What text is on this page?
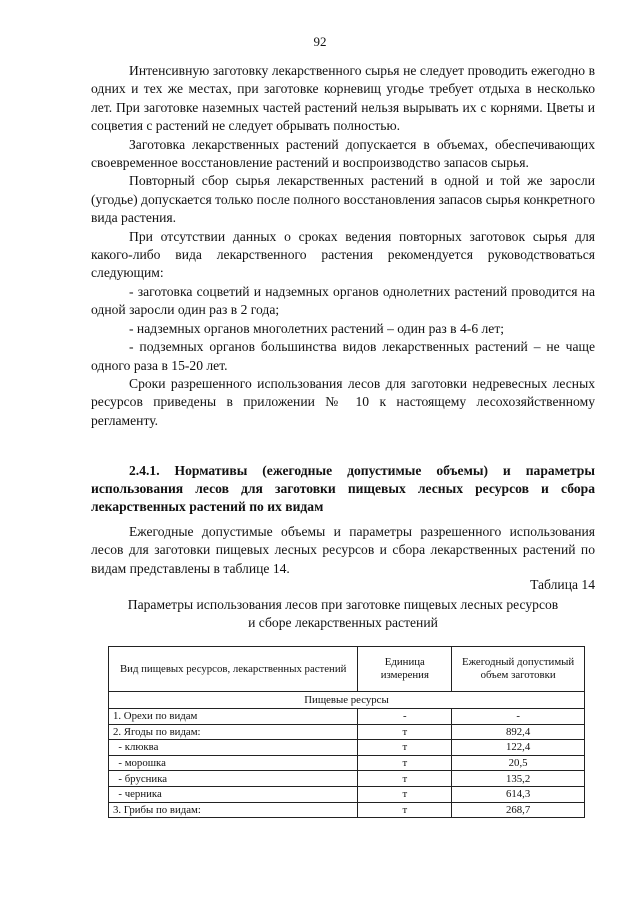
92

Интенсивную заготовку лекарственного сырья не следует проводить ежегодно в одних и тех же местах, при заготовке корневищ угодье требует отдыха в несколько лет. При заготовке наземных частей растений нельзя вырывать их с корнями. Цветы и соцветия с растений не следует обрывать полностью.

Заготовка лекарственных растений допускается в объемах, обеспечивающих своевременное восстановление растений и воспроизводство запасов сырья.

Повторный сбор сырья лекарственных растений в одной и той же заросли (угодье) допускается только после полного восстановления запасов сырья конкретного вида растения.

При отсутствии данных о сроках ведения повторных заготовок сырья для какого-либо вида лекарственного растения рекомендуется руководствоваться следующим:

- заготовка соцветий и надземных органов однолетних растений проводится на одной заросли один раз в 2 года;

- надземных органов многолетних растений – один раз в 4-6 лет;

- подземных органов большинства видов лекарственных растений – не чаще одного раза в 15-20 лет.

Сроки разрешенного использования лесов для заготовки недревесных лесных ресурсов приведены в приложении № 10 к настоящему лесохозяйственному регламенту.

2.4.1. Нормативы (ежегодные допустимые объемы) и параметры использования лесов для заготовки пищевых лесных ресурсов и сбора лекарственных растений по их видам

Ежегодные допустимые объемы и параметры разрешенного использования лесов для заготовки пищевых лесных ресурсов и сбора лекарственных растений по видам представлены в таблице 14.

Таблица 14
Параметры использования лесов при заготовке пищевых лесных ресурсов
и сборе лекарственных растений
Вид пищевых ресурсов, лекарственных растений	Единица измерения	Ежегодный допустимый объем заготовки
Пищевые ресурсы		
1. Орехи по видам	-	-
2. Ягоды по видам:	т	892,4
- клюква	т	122,4
- морошка	т	20,5
- брусника	т	135,2
- черника	т	614,3
3. Грибы по видам:	т	268,7
